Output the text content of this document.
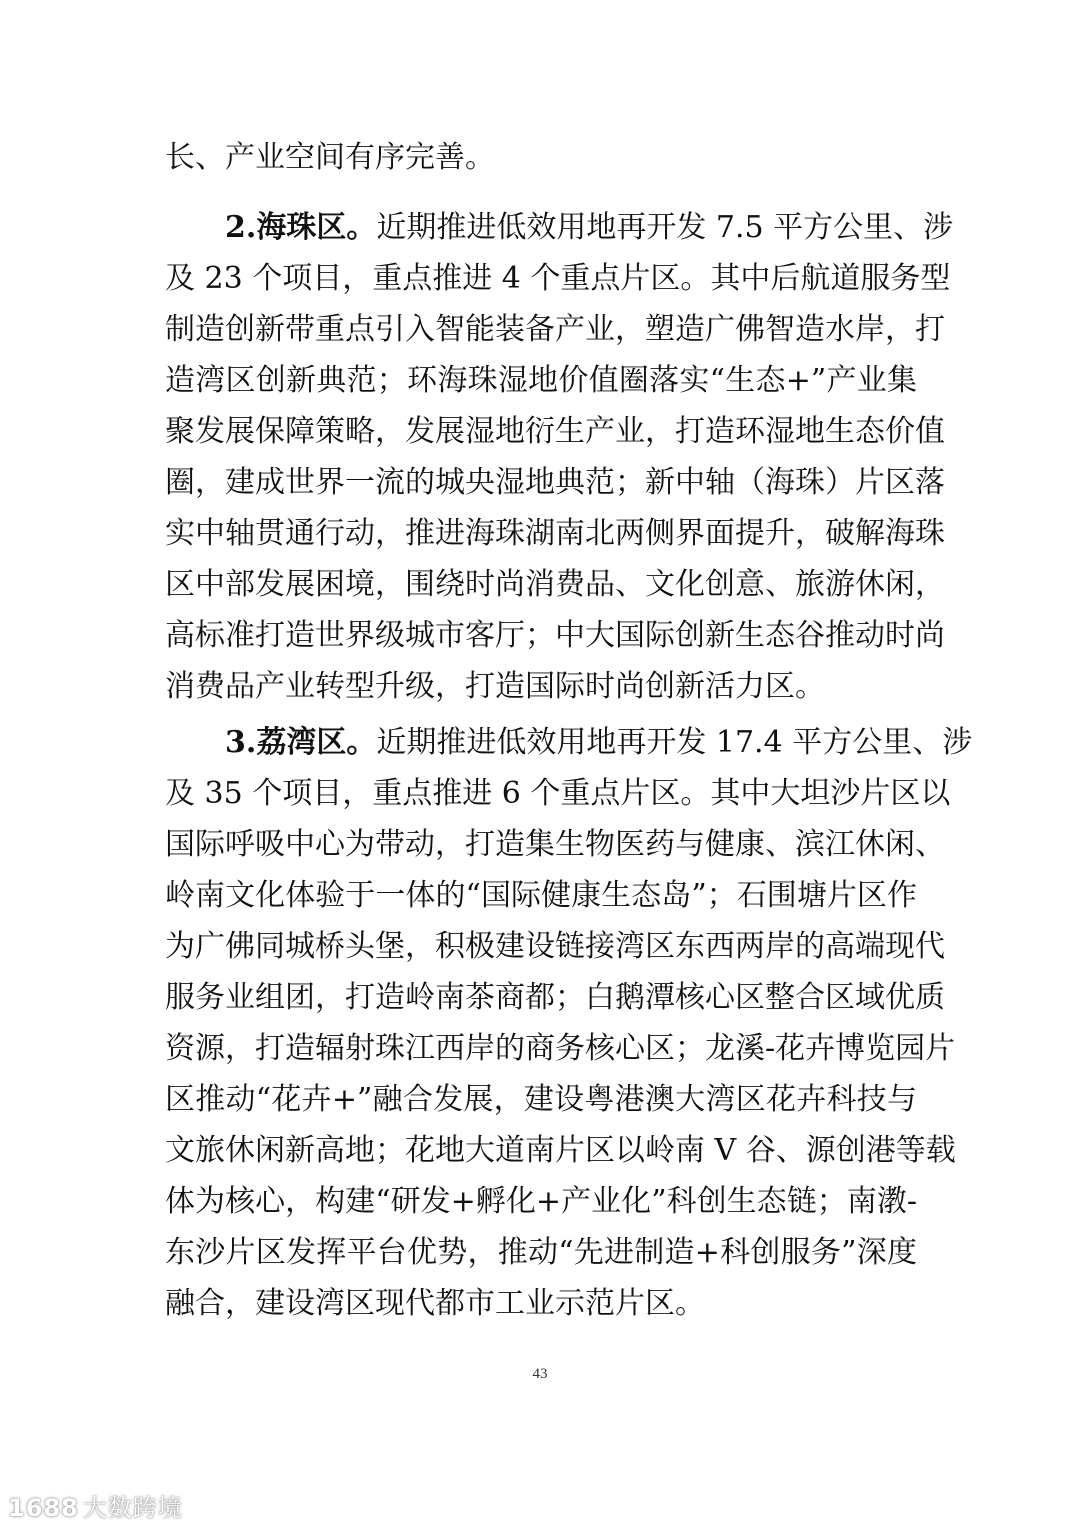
长、产业空间有序完善。
2.海珠区。近期推进低效用地再开发 7.5 平方公里、涉
及 23 个项目，重点推进 4 个重点片区。其中后航道服务型
制造创新带重点引入智能装备产业，塑造广佛智造水岸，打
造湾区创新典范；环海珠湿地价值圈落实“生态+”产业集
聚发展保障策略，发展湿地衍生产业，打造环湿地生态价值
圈，建成世界一流的城央湿地典范；新中轴（海珠）片区落
实中轴贯通行动，推进海珠湖南北两侧界面提升，破解海珠
区中部发展困境，围绕时尚消费品、文化创意、旅游休闲，
高标准打造世界级城市客厅；中大国际创新生态谷推动时尚
消费品产业转型升级，打造国际时尚创新活力区。
3.荔湾区。近期推进低效用地再开发 17.4 平方公里、涉
及 35 个项目，重点推进 6 个重点片区。其中大坦沙片区以
国际呼吸中心为带动，打造集生物医药与健康、滨江休闲、
岭南文化体验于一体的“国际健康生态岛”；石围塘片区作
为广佛同城桥头堡，积极建设链接湾区东西两岸的高端现代
服务业组团，打造岭南茶商都；白鹅潭核心区整合区域优质
资源，打造辐射珠江西岸的商务核心区；龙溪-花卉博览园片
区推动“花卉+”融合发展，建设粤港澳大湾区花卉科技与
文旅休闲新高地；花地大道南片区以岭南 V 谷、源创港等载
体为核心，构建“研发+孵化+产业化”科创生态链；南漖-
东沙片区发挥平台优势，推动“先进制造+科创服务”深度
融合，建设湾区现代都市工业示范片区。
43
1688 大数跨境
